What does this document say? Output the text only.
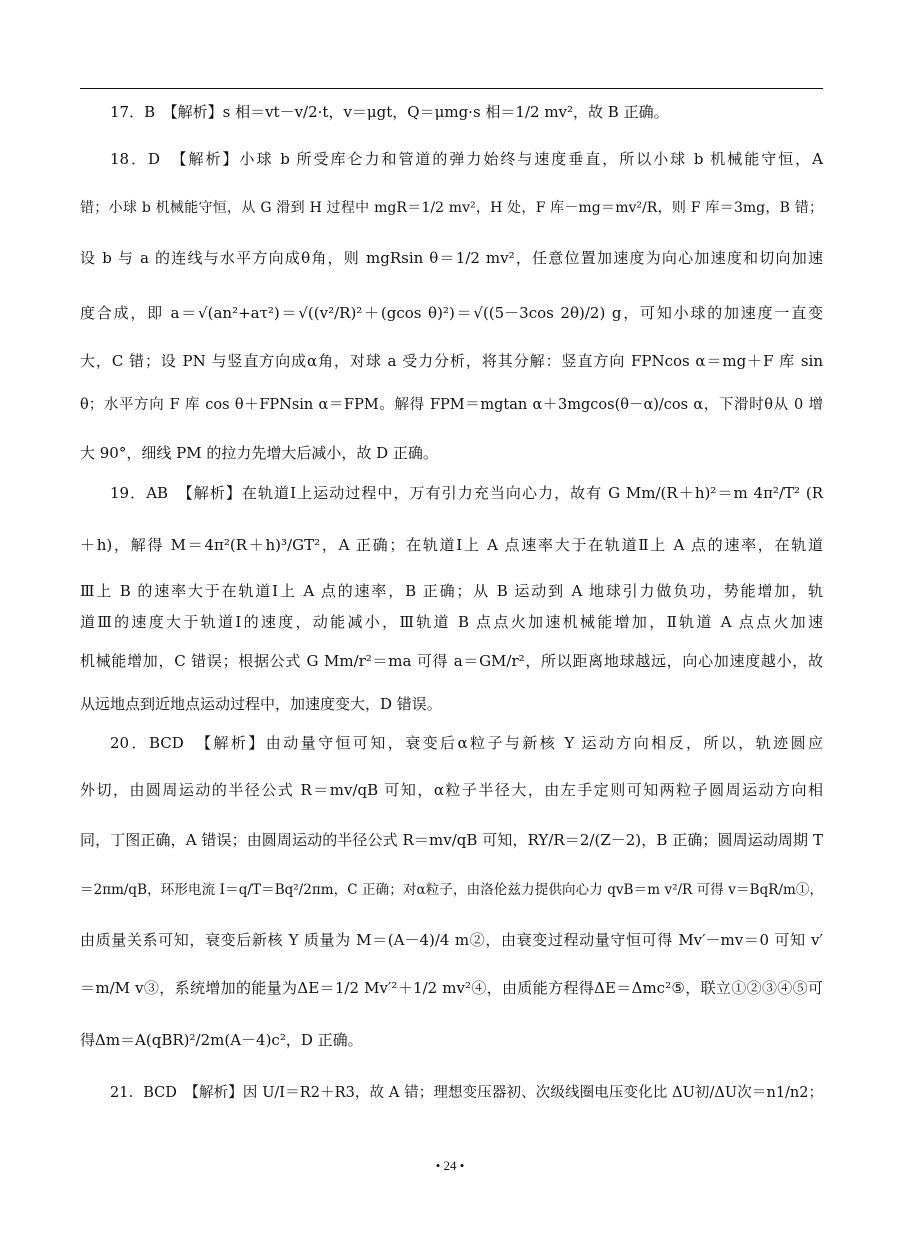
17．B　【解析】s 相＝vt－v/2·t，v＝μgt，Q＝μmg·s 相＝1/2 mv²，故 B 正确。
18．D　【解析】小球 b 所受库仑力和管道的弹力始终与速度垂直，所以小球 b 机械能守恒，A
错；小球 b 机械能守恒，从 G 滑到 H 过程中 mgR＝1/2 mv²，H 处，F 库－mg＝mv²/R，则 F 库＝3mg，B 错；
设 b 与 a 的连线与水平方向成θ角，则 mgRsin θ＝1/2 mv²，任意位置加速度为向心加速度和切向加速
度合成，即 a＝√(an²+aτ²)＝√((v²/R)²＋(gcos θ)²)＝√((5－3cos 2θ)/2) g，可知小球的加速度一直变
大，C 错；设 PN 与竖直方向成α角，对球 a 受力分析，将其分解：竖直方向 FPNcos α＝mg＋F 库 sin
θ；水平方向 F 库 cos θ＋FPNsin α＝FPM。解得 FPM＝mgtan α＋3mgcos(θ－α)/cos α，下滑时θ从 0 增
大 90°，细线 PM 的拉力先增大后减小，故 D 正确。
19．AB　【解析】在轨道Ⅰ上运动过程中，万有引力充当向心力，故有 G Mm/(R＋h)²＝m 4π²/T² (R
＋h)，解得 M＝4π²(R＋h)³/GT²，A 正确；在轨道Ⅰ上 A 点速率大于在轨道Ⅱ上 A 点的速率，在轨道
Ⅲ上 B 的速率大于在轨道Ⅰ上 A 点的速率，B 正确；从 B 运动到 A 地球引力做负功，势能增加，轨
道Ⅲ的速度大于轨道Ⅰ的速度，动能减小，Ⅲ轨道 B 点点火加速机械能增加，Ⅱ轨道 A 点点火加速
机械能增加，C 错误；根据公式 G Mm/r²＝ma 可得 a＝GM/r²，所以距离地球越远，向心加速度越小，故
从远地点到近地点运动过程中，加速度变大，D 错误。
20．BCD　【解析】由动量守恒可知，衰变后α粒子与新核 Y 运动方向相反，所以，轨迹圆应
外切，由圆周运动的半径公式 R＝mv/qB 可知，α粒子半径大，由左手定则可知两粒子圆周运动方向相
同，丁图正确，A 错误；由圆周运动的半径公式 R＝mv/qB 可知，RY/R＝2/(Z－2)，B 正确；圆周运动周期 T
＝2πm/qB，环形电流 I＝q/T＝Bq²/2πm，C 正确；对α粒子，由洛伦兹力提供向心力 qvB＝m v²/R 可得 v＝BqR/m①，
由质量关系可知，衰变后新核 Y 质量为 M＝(A－4)/4 m②，由衰变过程动量守恒可得 Mv′－mv＝0 可知 v′
＝m/M v③，系统增加的能量为ΔE＝1/2 Mv′²＋1/2 mv²④，由质能方程得ΔE＝Δmc²⑤，联立①②③④⑤可
得Δm＝A(qBR)²/2m(A－4)c²，D 正确。
21．BCD　【解析】因 U/I＝R2＋R3，故 A 错；理想变压器初、次级线圈电压变化比 ΔU初/ΔU次＝n1/n2；
• 24 •
